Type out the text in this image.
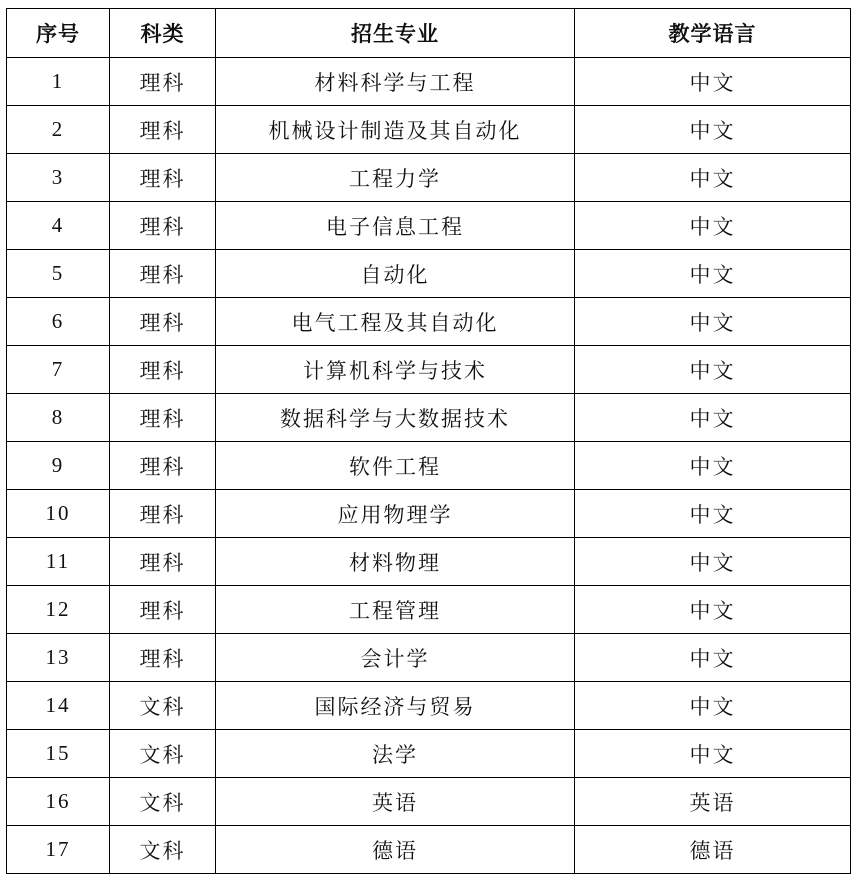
序号	科类	招生专业	教学语言
1	理科	材料科学与工程	中文
2	理科	机械设计制造及其自动化	中文
3	理科	工程力学	中文
4	理科	电子信息工程	中文
5	理科	自动化	中文
6	理科	电气工程及其自动化	中文
7	理科	计算机科学与技术	中文
8	理科	数据科学与大数据技术	中文
9	理科	软件工程	中文
10	理科	应用物理学	中文
11	理科	材料物理	中文
12	理科	工程管理	中文
13	理科	会计学	中文
14	文科	国际经济与贸易	中文
15	文科	法学	中文
16	文科	英语	英语
17	文科	德语	德语
